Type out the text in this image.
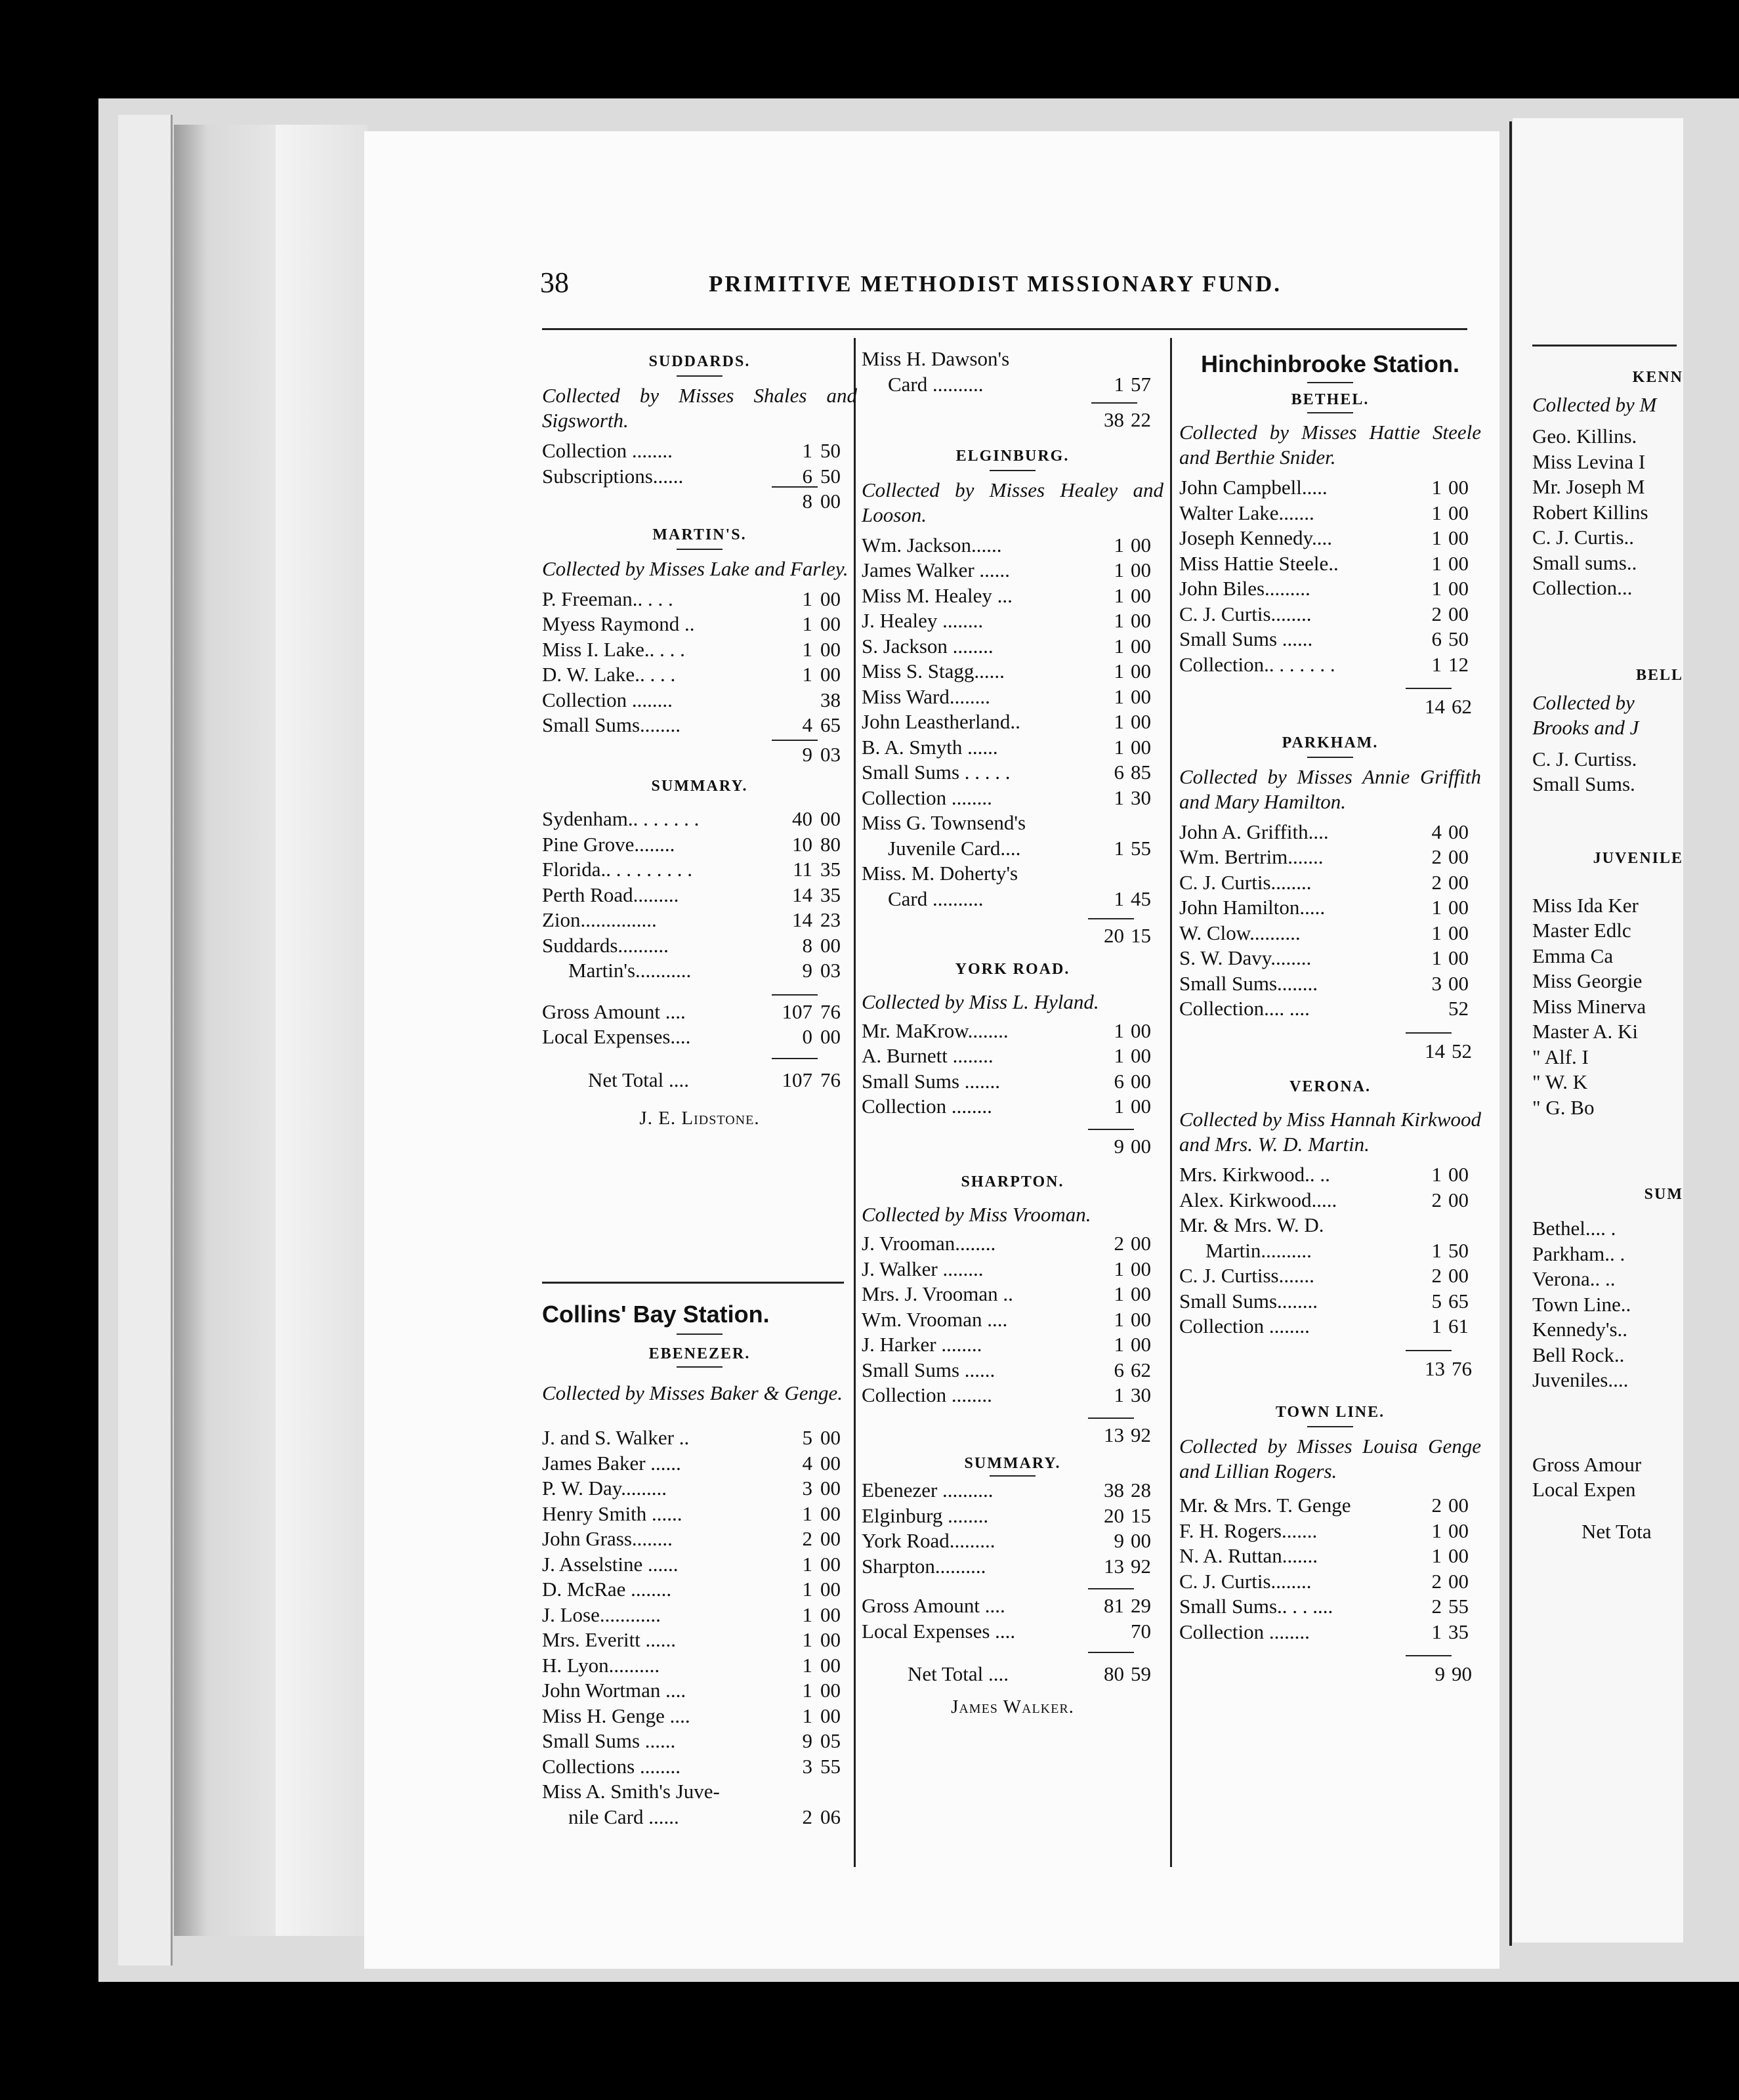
38	PRIMITIVE METHODIST MISSIONARY FUND.
SUDDARDS.
Collected by Misses Shales and Sigsworth.
Collection ........	1 50
Subscriptions......	6 50
8 00
MARTIN'S.
Collected by Misses Lake and Farley.
P. Freeman.. . . .	1 00
Myess Raymond ..	1 00
Miss I. Lake.. . . .	1 00
D. W. Lake.. . . .	1 00
Collection ........	38
Small Sums........	4 65
9 03
SUMMARY.
Sydenham.. . . . . . .	40 00
Pine Grove........	10 80
Florida.. . . . . . . . .	11 35
Perth Road.........	14 35
Zion...............	14 23
Suddards..........	8 00
Martin's...........	9 03
Gross Amount ....	107 76
Local Expenses....	0 00
Net Total ....	107 76
J. E. Lidstone.
Collins' Bay Station.
EBENEZER.
Collected by Misses Baker & Genge.
J. and S. Walker ..	5 00
James Baker ......	4 00
P. W. Day.........	3 00
Henry Smith ......	1 00
John Grass........	2 00
J. Asselstine ......	1 00
D. McRae ........	1 00
J. Lose............	1 00
Mrs. Everitt ......	1 00
H. Lyon..........	1 00
John Wortman ....	1 00
Miss H. Genge ....	1 00
Small Sums ......	9 05
Collections ........	3 55
Miss A. Smith's Juve-
nile Card ......	2 06
Miss H. Dawson's
Card ..........	1 57
38 22
ELGINBURG.
Collected by Misses Healey and Looson.
Wm. Jackson......	1 00
James Walker ......	1 00
Miss M. Healey ...	1 00
J. Healey ........	1 00
S. Jackson ........	1 00
Miss S. Stagg......	1 00
Miss Ward........	1 00
John Leastherland..	1 00
B. A. Smyth ......	1 00
Small Sums . . . . .	6 85
Collection ........	1 30
Miss G. Townsend's
Juvenile Card....	1 55
Miss. M. Doherty's
Card ..........	1 45
20 15
YORK ROAD.
Collected by Miss L. Hyland.
Mr. MaKrow........	1 00
A. Burnett ........	1 00
Small Sums .......	6 00
Collection ........	1 00
9 00
SHARPTON.
Collected by Miss Vrooman.
J. Vrooman........	2 00
J. Walker ........	1 00
Mrs. J. Vrooman ..	1 00
Wm. Vrooman ....	1 00
J. Harker ........	1 00
Small Sums ......	6 62
Collection ........	1 30
13 92
SUMMARY.
Ebenezer ..........	38 28
Elginburg ........	20 15
York Road.........	9 00
Sharpton..........	13 92
Gross Amount ....	81 29
Local Expenses ....	70
Net Total ....	80 59
James Walker.
Hinchinbrooke Station.
BETHEL.
Collected by Misses Hattie Steele and Berthie Snider.
John Campbell.....	1 00
Walter Lake.......	1 00
Joseph Kennedy....	1 00
Miss Hattie Steele..	1 00
John Biles.........	1 00
C. J. Curtis........	2 00
Small Sums ......	6 50
Collection.. . . . . . .	1 12
14 62
PARKHAM.
Collected by Misses Annie Griffith and Mary Hamilton.
John A. Griffith....	4 00
Wm. Bertrim.......	2 00
C. J. Curtis........	2 00
John Hamilton.....	1 00
W. Clow..........	1 00
S. W. Davy........	1 00
Small Sums........	3 00
Collection.... ....	52
14 52
VERONA.
Collected by Miss Hannah Kirkwood and Mrs. W. D. Martin.
Mrs. Kirkwood.. ..	1 00
Alex. Kirkwood.....	2 00
Mr. & Mrs. W. D.
Martin..........	1 50
C. J. Curtiss.......	2 00
Small Sums........	5 65
Collection ........	1 61
13 76
TOWN LINE.
Collected by Misses Louisa Genge and Lillian Rogers.
Mr. & Mrs. T. Genge	2 00
F. H. Rogers.......	1 00
N. A. Ruttan.......	1 00
C. J. Curtis........	2 00
Small Sums.. . . ....	2 55
Collection ........	1 35
9 90
KENN
Collected by M
Geo. Killins.
Miss Levina I
Mr. Joseph M
Robert Killins
C. J. Curtis..
Small sums..
Collection...
BELL
Collected by
Brooks and J
C. J. Curtiss.
Small Sums.
JUVENILE
Miss Ida Ker
Master Edlc
Emma Ca
Miss Georgie
Miss Minerva
Master A. Ki
" Alf. I
" W. K
" G. Bo
SUM
Bethel.... .
Parkham.. .
Verona.. ..
Town Line..
Kennedy's..
Bell Rock..
Juveniles....
Gross Amour
Local Expen
Net Tota
